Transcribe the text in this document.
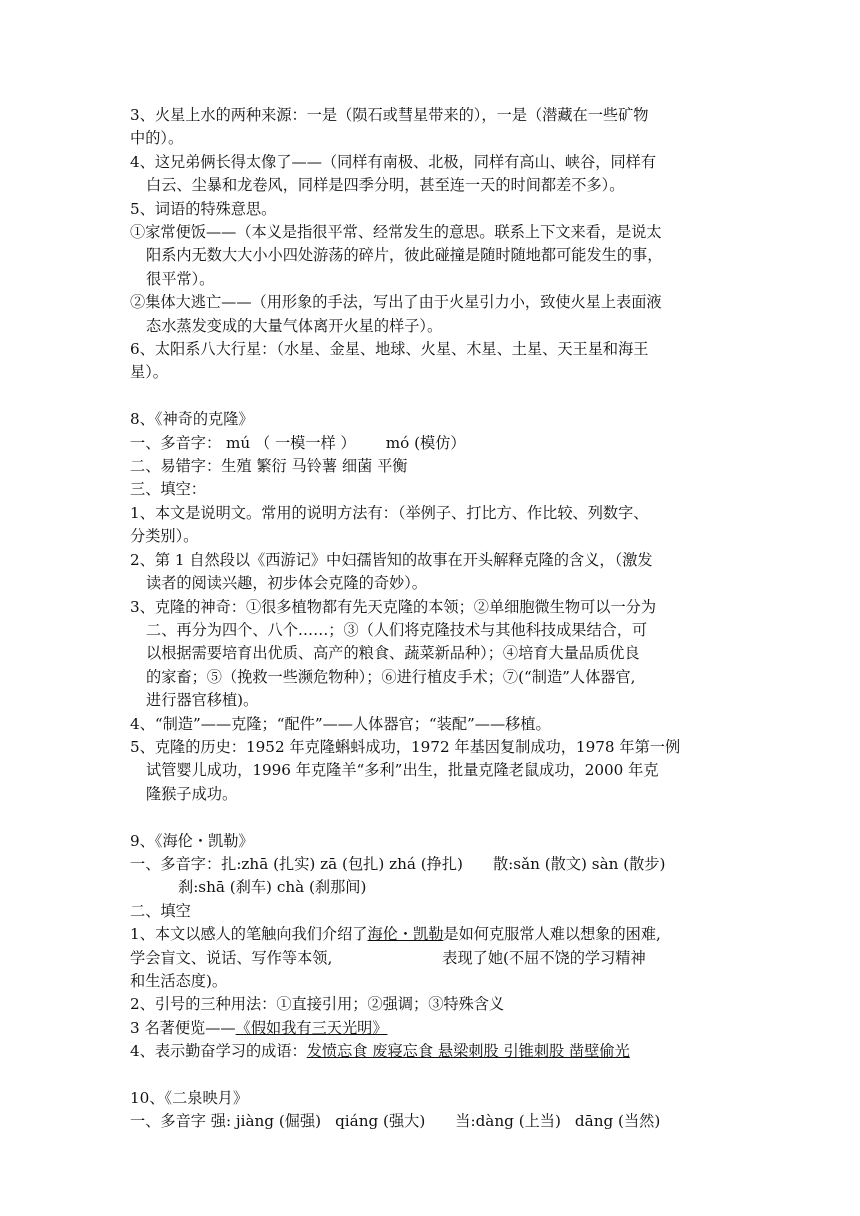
3、火星上水的两种来源：一是（陨石或彗星带来的），一是（潜藏在一些矿物
中的）。
4、这兄弟俩长得太像了——（同样有南极、北极，同样有高山、峡谷，同样有
白云、尘暴和龙卷风，同样是四季分明，甚至连一天的时间都差不多）。
5、词语的特殊意思。
①家常便饭——（本义是指很平常、经常发生的意思。联系上下文来看，是说太
阳系内无数大大小小四处游荡的碎片，彼此碰撞是随时随地都可能发生的事，
很平常）。
②集体大逃亡——（用形象的手法，写出了由于火星引力小，致使火星上表面液
态水蒸发变成的大量气体离开火星的样子）。
6、太阳系八大行星：（水星、金星、地球、火星、木星、土星、天王星和海王
星）。
8、《神奇的克隆》
一、多音字： mú （ 一模一样 ） mó (模仿）
二、易错字：生殖 繁衍 马铃薯 细菌 平衡
三、填空：
1、本文是说明文。常用的说明方法有：（举例子、打比方、作比较、列数字、
分类别）。
2、第 1 自然段以《西游记》中妇孺皆知的故事在开头解释克隆的含义，（激发
读者的阅读兴趣，初步体会克隆的奇妙）。
3、克隆的神奇：①很多植物都有先天克隆的本领；②单细胞微生物可以一分为
二、再分为四个、八个……；③（人们将克隆技术与其他科技成果结合，可
以根据需要培育出优质、高产的粮食、蔬菜新品种）；④培育大量品质优良
的家畜；⑤（挽救一些濒危物种）；⑥进行植皮手术；⑦(“制造”人体器官,
进行器官移植)。
4、“制造”——克隆；“配件”——人体器官；“装配”——移植。
5、克隆的历史：1952 年克隆蝌蚪成功，1972 年基因复制成功，1978 年第一例
试管婴儿成功，1996 年克隆羊“多利”出生，批量克隆老鼠成功，2000 年克
隆猴子成功。
9、《海伦・凯勒》
一、多音字：扎:zhā (扎实) zā (包扎) zhá (挣扎) 散:sǎn (散文) sàn (散步)
刹:shā (刹车) chà (刹那间)
二、填空
1、本文以感人的笔触向我们介绍了海伦・凯勒是如何克服常人难以想象的困难,
学会盲文、说话、写作等本领,	表现了她(不屈不饶的学习精神
和生活态度)。
2、引号的三种用法：①直接引用；②强调；③特殊含义
3 名著便览——《假如我有三天光明》
4、表示勤奋学习的成语：发愤忘食 废寝忘食 悬梁刺股 引锥刺股 凿壁偷光
10、《二泉映月》
一、多音字 强: jiàng (倔强) qiáng (强大) 当:dàng (上当) dāng (当然)
